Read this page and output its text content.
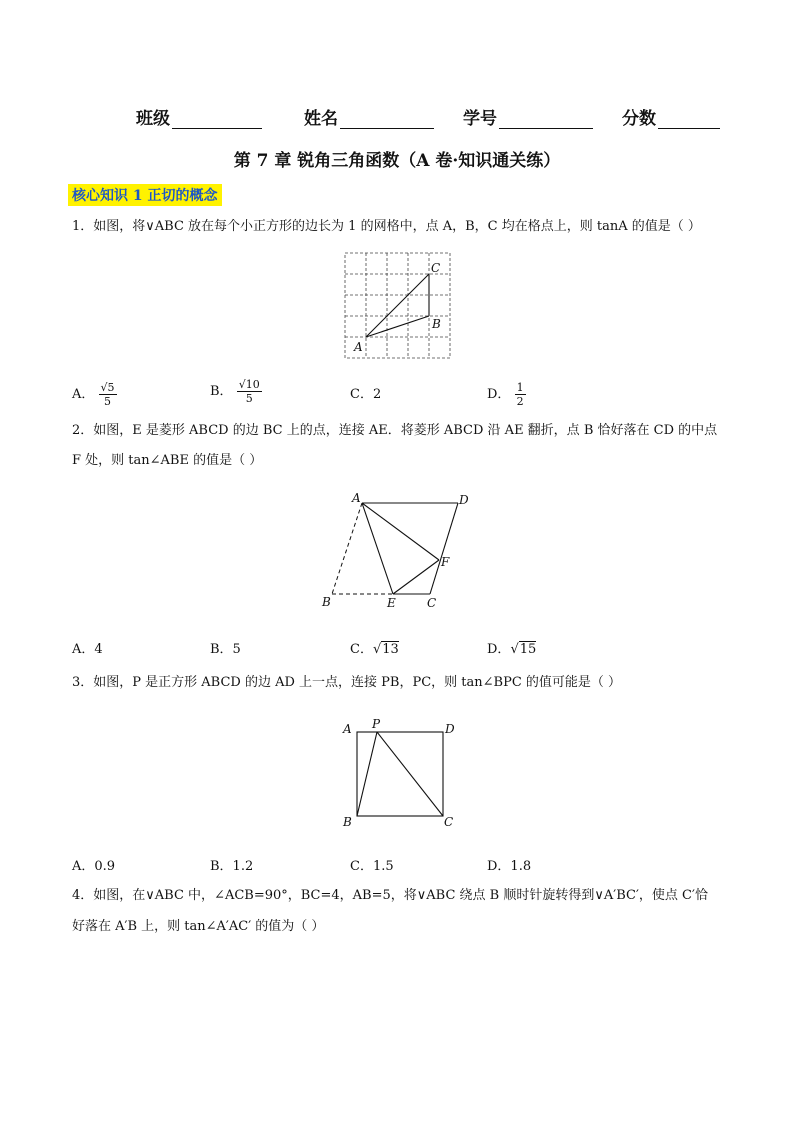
班级	姓名	学号	分数
第 7 章 锐角三角函数（A 卷·知识通关练）
核心知识 1 正切的概念
1．如图，将∨ABC 放在每个小正方形的边长为 1 的网格中，点 A，B，C 均在格点上，则 tanA 的值是（ ）
A
B
C
A． $\frac{√5}{5}$	B． $\frac{√10}{5}$	C．2	D． $\frac{1}{2}$
2．如图，E 是菱形 ABCD 的边 BC 上的点，连接 AE．将菱形 ABCD 沿 AE 翻折，点 B 恰好落在 CD 的中点
F 处，则 tan∠ABE 的值是（ ）
A	D
F
B	E	C
A．4	B．5	C．√13	D．√15
3．如图，P 是正方形 ABCD 的边 AD 上一点，连接 PB，PC，则 tan∠BPC 的值可能是（ ）
A P	D
B	C
A．0.9	B．1.2	C．1.5	D．1.8
4．如图，在∨ABC 中，∠ACB=90°，BC=4，AB=5，将∨ABC 绕点 B 顺时针旋转得到∨A′BC′，使点 C′恰
好落在 A′B 上，则 tan∠A′AC′ 的值为（ ）
